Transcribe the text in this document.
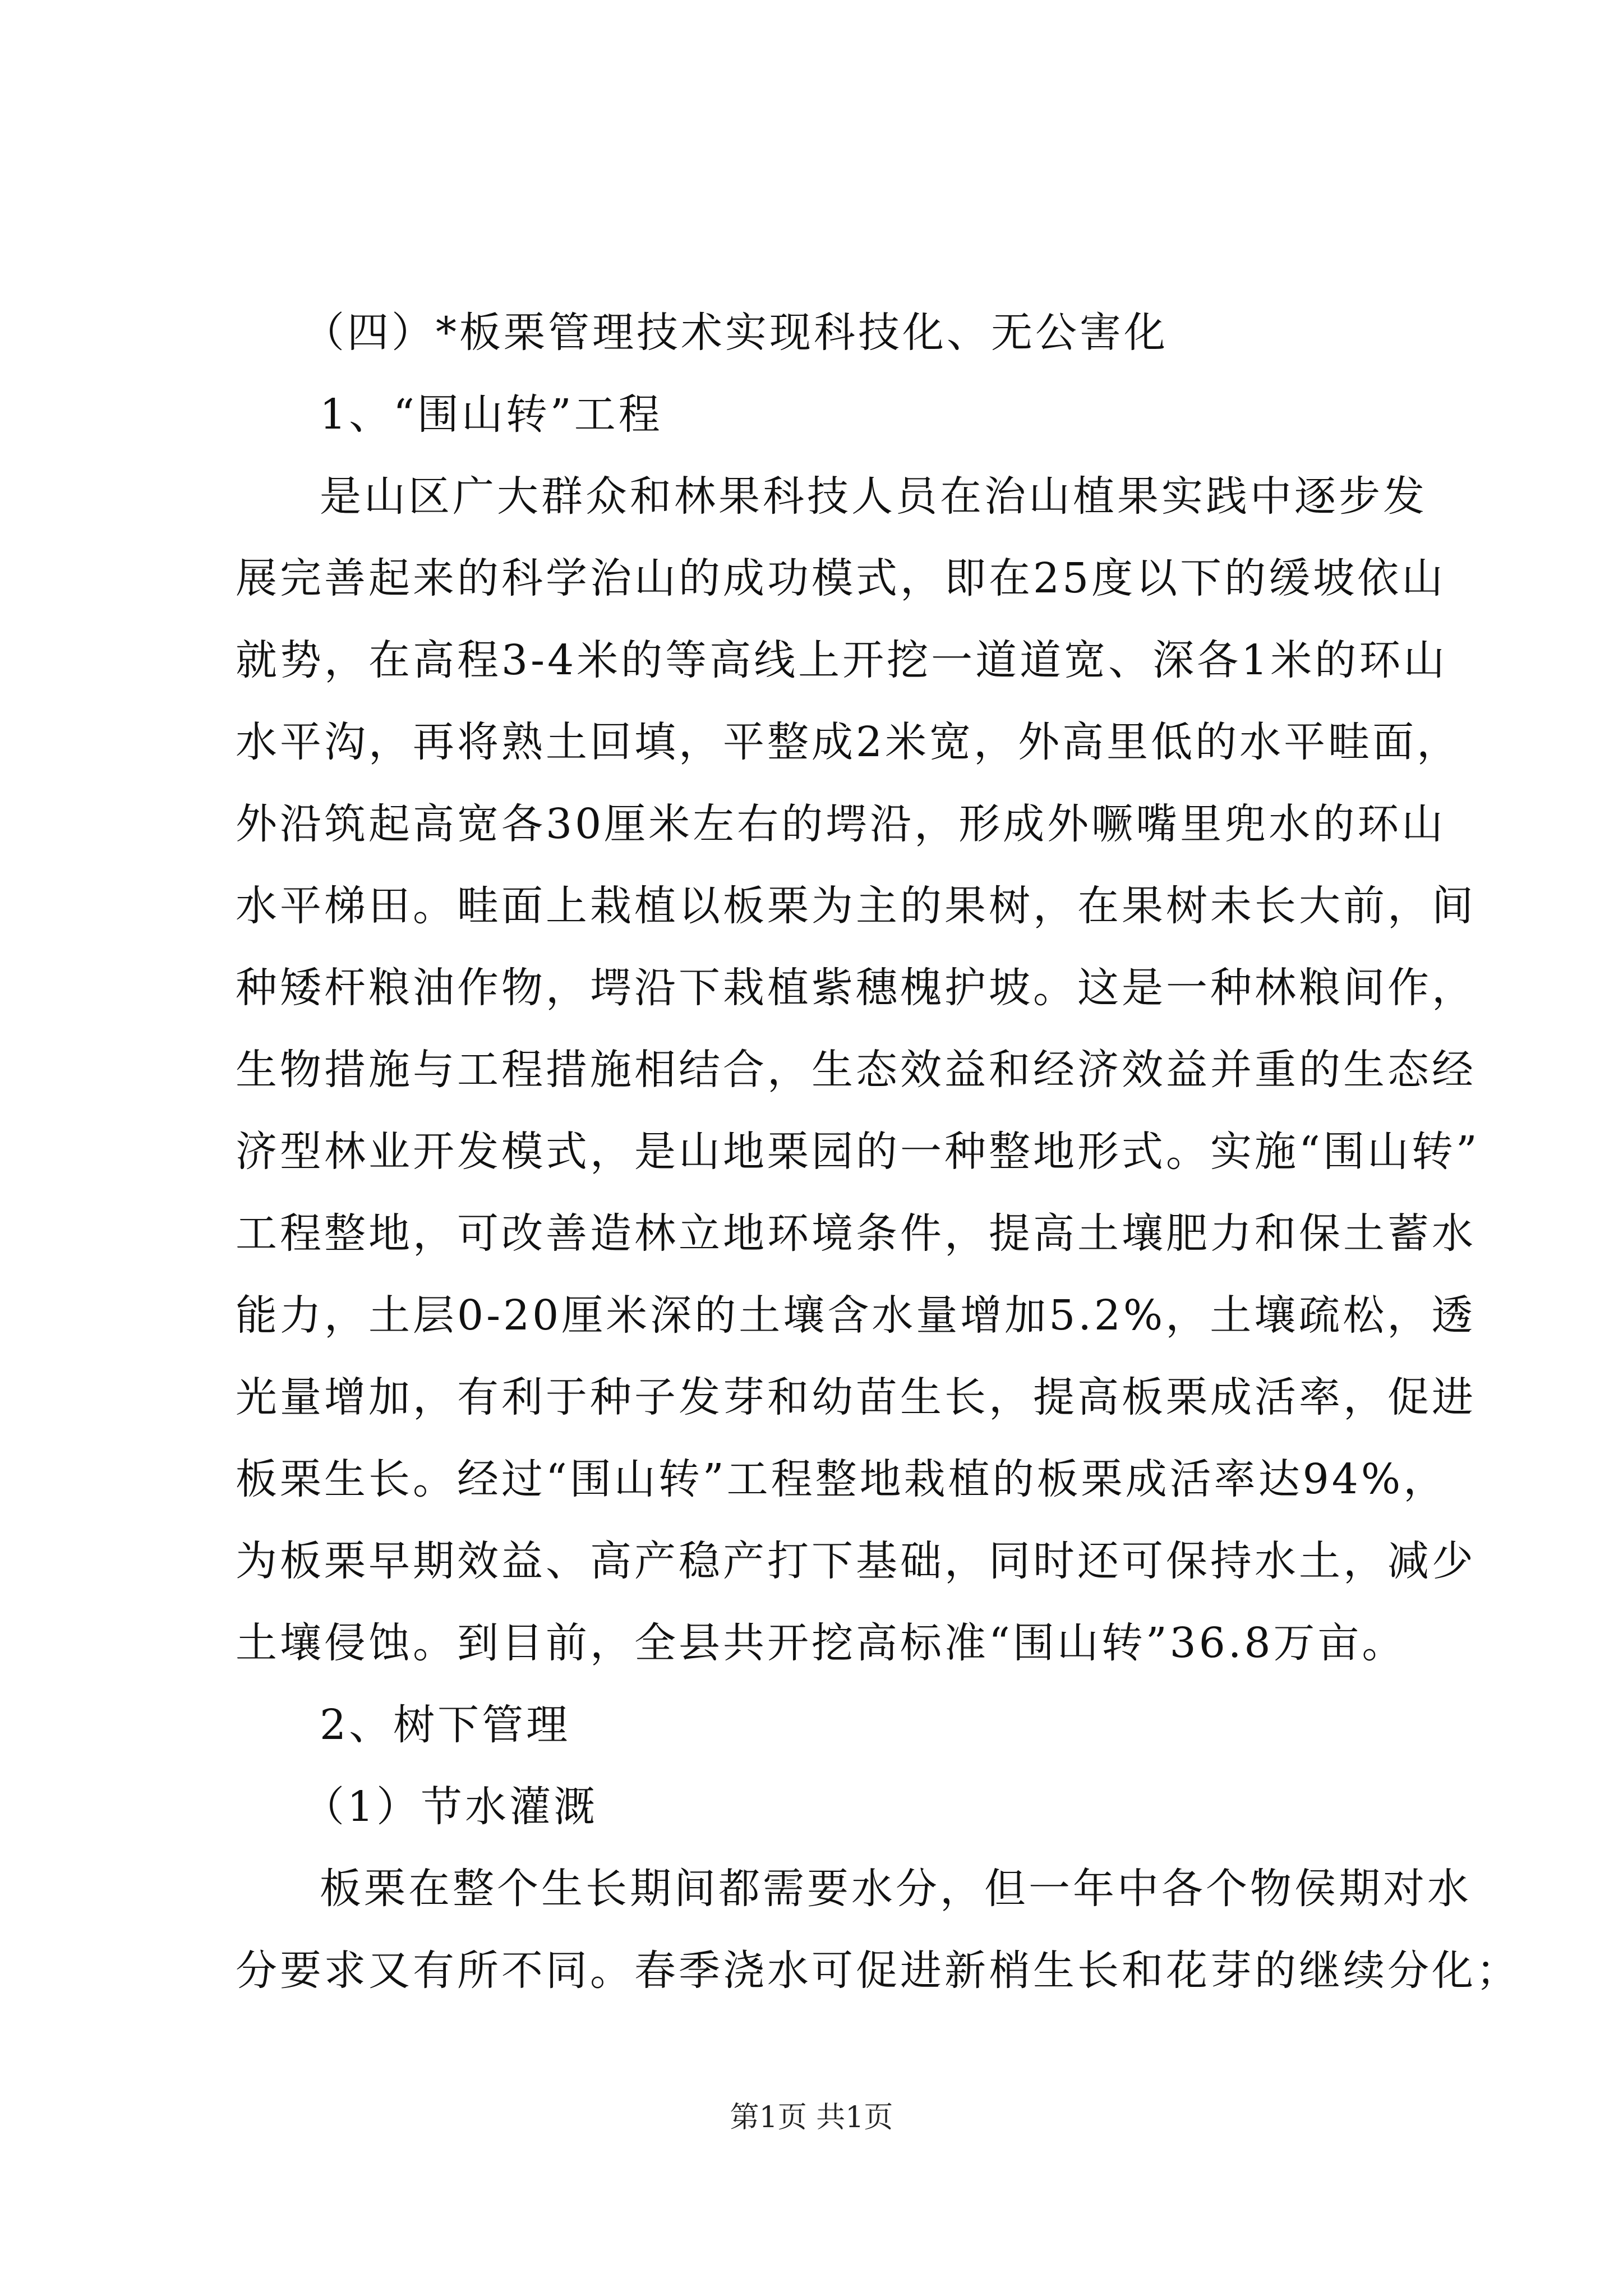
（四）*板栗管理技术实现科技化、无公害化
1、“围山转”工程
是山区广大群众和林果科技人员在治山植果实践中逐步发
展完善起来的科学治山的成功模式，即在25度以下的缓坡依山
就势，在高程3-4米的等高线上开挖一道道宽、深各1米的环山
水平沟，再将熟土回填，平整成2米宽，外高里低的水平畦面，
外沿筑起高宽各30厘米左右的堮沿，形成外噘嘴里兜水的环山
水平梯田。畦面上栽植以板栗为主的果树，在果树未长大前，间
种矮杆粮油作物，堮沿下栽植紫穗槐护坡。这是一种林粮间作，
生物措施与工程措施相结合，生态效益和经济效益并重的生态经
济型林业开发模式，是山地栗园的一种整地形式。实施“围山转”
工程整地，可改善造林立地环境条件，提高土壤肥力和保土蓄水
能力，土层0-20厘米深的土壤含水量增加5.2%，土壤疏松，透
光量增加，有利于种子发芽和幼苗生长，提高板栗成活率，促进
板栗生长。经过“围山转”工程整地栽植的板栗成活率达94%，
为板栗早期效益、高产稳产打下基础，同时还可保持水土，减少
土壤侵蚀。到目前，全县共开挖高标准“围山转”36.8万亩。
2、树下管理
（1）节水灌溉
板栗在整个生长期间都需要水分，但一年中各个物侯期对水
分要求又有所不同。春季浇水可促进新梢生长和花芽的继续分化；
第1页 共1页
